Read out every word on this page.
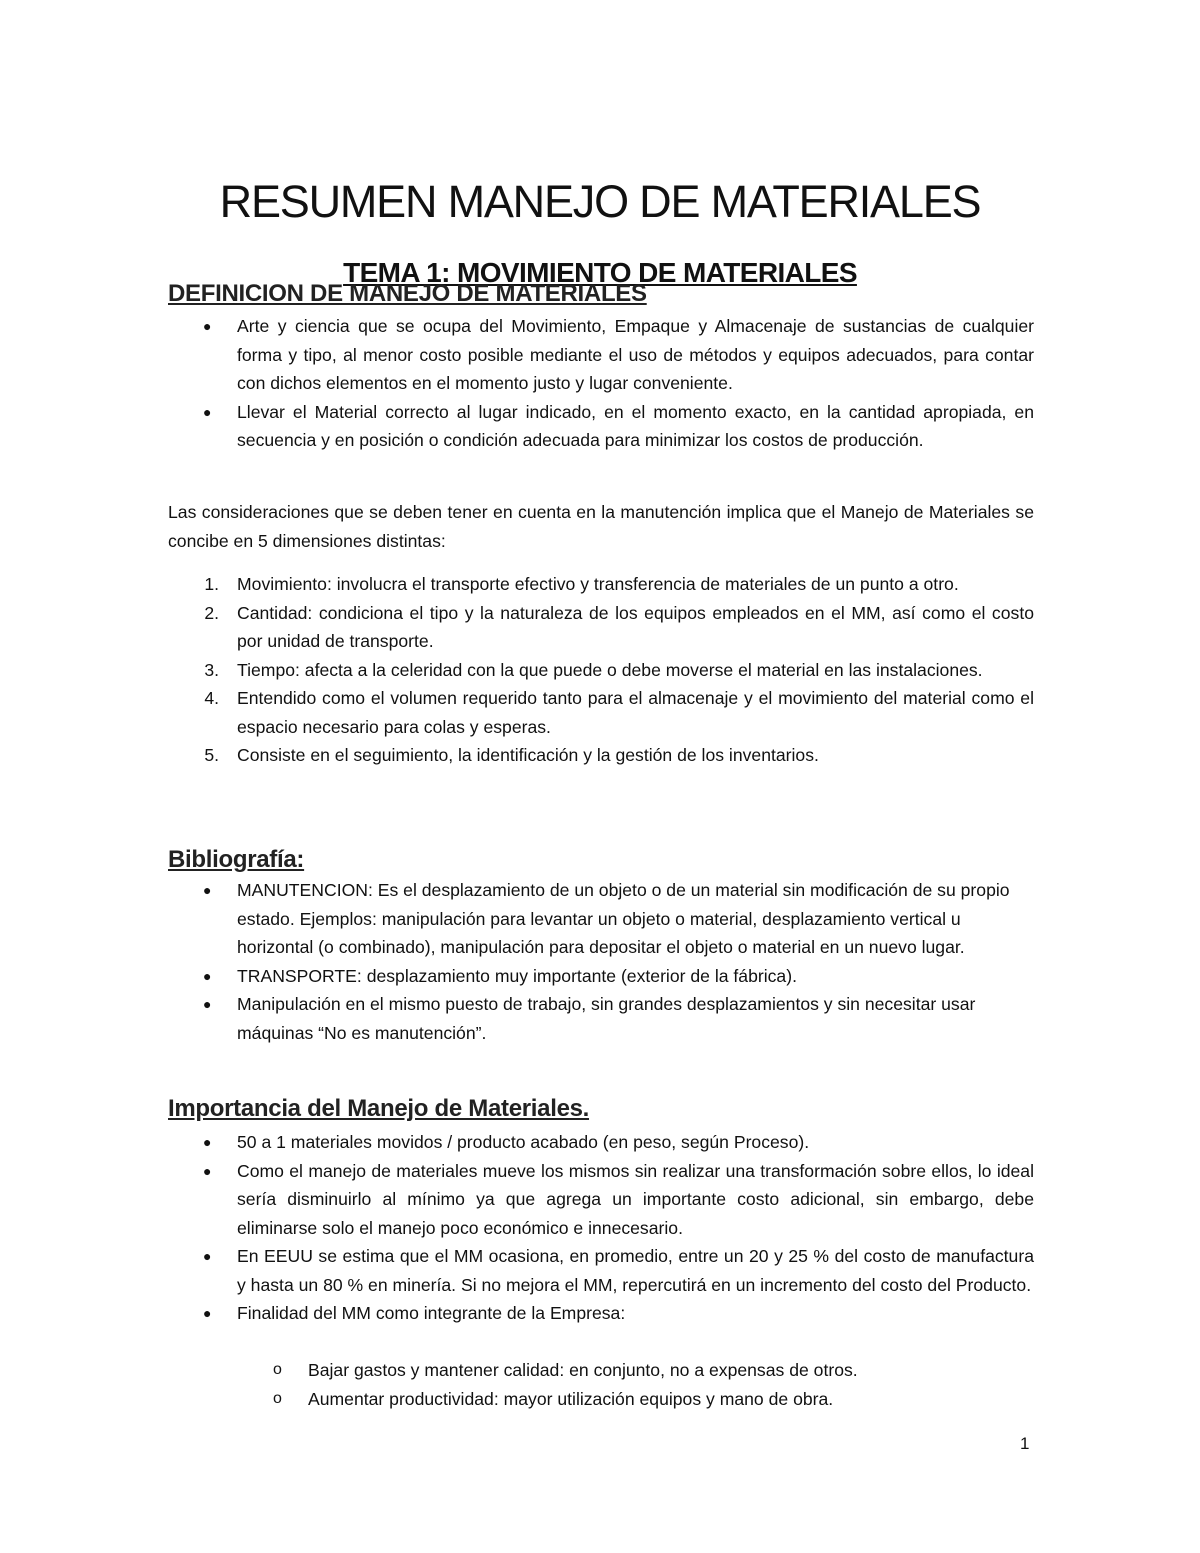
RESUMEN MANEJO DE MATERIALES
TEMA 1: MOVIMIENTO DE MATERIALES
DEFINICION DE MANEJO DE MATERIALES
● Arte y ciencia que se ocupa del Movimiento, Empaque y Almacenaje de sustancias de cualquier forma y tipo, al menor costo posible mediante el uso de métodos y equipos adecuados, para contar con dichos elementos en el momento justo y lugar conveniente.
● Llevar el Material correcto al lugar indicado, en el momento exacto, en la cantidad apropiada, en secuencia y en posición o condición adecuada para minimizar los costos de producción.

Las consideraciones que se deben tener en cuenta en la manutención implica que el Manejo de Materiales se concibe en 5 dimensiones distintas:

1. Movimiento: involucra el transporte efectivo y transferencia de materiales de un punto a otro.
2. Cantidad: condiciona el tipo y la naturaleza de los equipos empleados en el MM, así como el costo por unidad de transporte.
3. Tiempo: afecta a la celeridad con la que puede o debe moverse el material en las instalaciones.
4. Entendido como el volumen requerido tanto para el almacenaje y el movimiento del material como el espacio necesario para colas y esperas.
5. Consiste en el seguimiento, la identificación y la gestión de los inventarios.
Bibliografía:
● MANUTENCION: Es el desplazamiento de un objeto o de un material sin modificación de su propio estado. Ejemplos: manipulación para levantar un objeto o material, desplazamiento vertical u horizontal (o combinado), manipulación para depositar el objeto o material en un nuevo lugar.
● TRANSPORTE: desplazamiento muy importante (exterior de la fábrica).
● Manipulación en el mismo puesto de trabajo, sin grandes desplazamientos y sin necesitar usar máquinas “No es manutención”.
Importancia del Manejo de Materiales.
● 50 a 1 materiales movidos / producto acabado (en peso, según Proceso).
● Como el manejo de materiales mueve los mismos sin realizar una transformación sobre ellos, lo ideal sería disminuirlo al mínimo ya que agrega un importante costo adicional, sin embargo, debe eliminarse solo el manejo poco económico e innecesario.
● En EEUU se estima que el MM ocasiona, en promedio, entre un 20 y 25 % del costo de manufactura y hasta un 80 % en minería. Si no mejora el MM, repercutirá en un incremento del costo del Producto.
● Finalidad del MM como integrante de la Empresa:
o Bajar gastos y mantener calidad: en conjunto, no a expensas de otros.
o Aumentar productividad: mayor utilización equipos y mano de obra.
1
